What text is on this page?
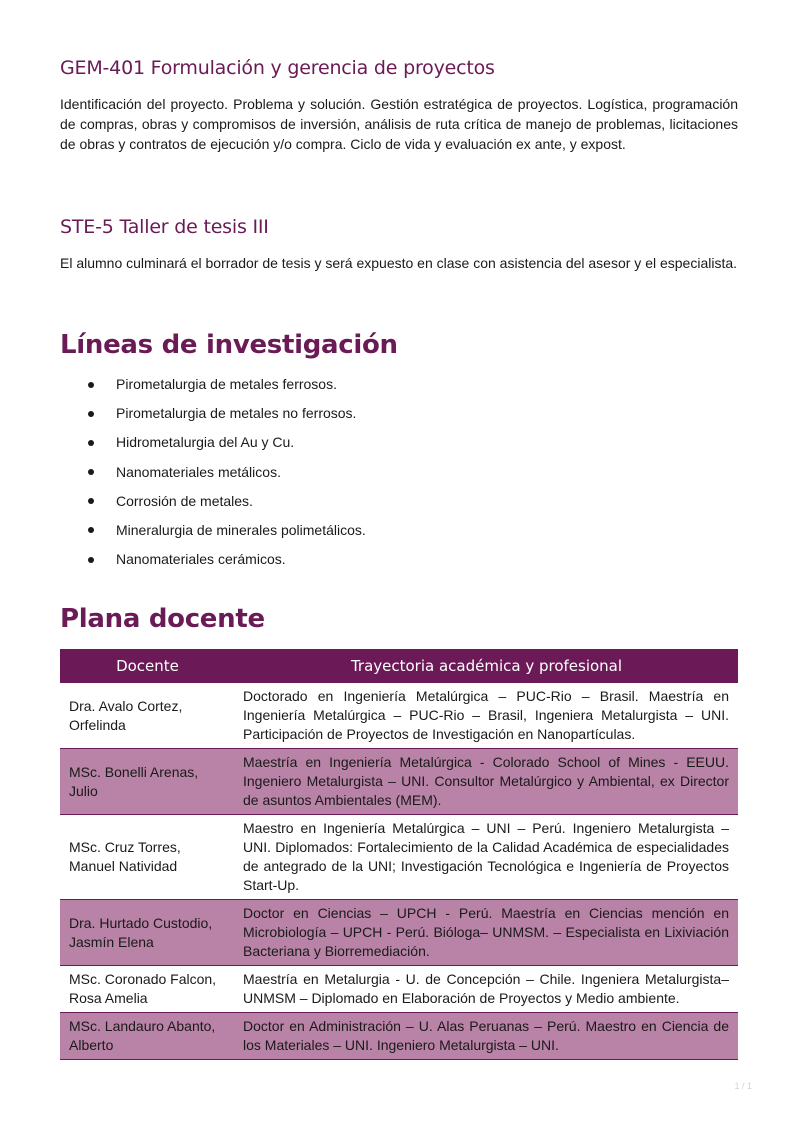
GEM-401 Formulación y gerencia de proyectos

Identificación del proyecto. Problema y solución. Gestión estratégica de proyectos. Logística, programación de compras, obras y compromisos de inversión, análisis de ruta crítica de manejo de problemas, licitaciones de obras y contratos de ejecución y/o compra. Ciclo de vida y evaluación ex ante, y expost.

STE-5 Taller de tesis III

El alumno culminará el borrador de tesis y será expuesto en clase con asistencia del asesor y el especialista.

Líneas de investigación
Pirometalurgia de metales ferrosos.
Pirometalurgia de metales no ferrosos.
Hidrometalurgia del Au y Cu.
Nanomateriales metálicos.
Corrosión de metales.
Mineralurgia de minerales polimetálicos.
Nanomateriales cerámicos.
Plana docente
Docente	Trayectoria académica y profesional
Dra. Avalo Cortez, Orfelinda	Doctorado en Ingeniería Metalúrgica – PUC-Rio – Brasil. Maestría en Ingeniería Metalúrgica – PUC-Rio – Brasil, Ingeniera Metalurgista – UNI. Participación de Proyectos de Investigación en Nanopartículas.
MSc. Bonelli Arenas, Julio	Maestría en Ingeniería Metalúrgica - Colorado School of Mines - EEUU. Ingeniero Metalurgista – UNI. Consultor Metalúrgico y Ambiental, ex Director de asuntos Ambientales (MEM).
MSc. Cruz Torres, Manuel Natividad	Maestro en Ingeniería Metalúrgica – UNI – Perú. Ingeniero Metalurgista – UNI. Diplomados: Fortalecimiento de la Calidad Académica de especialidades de antegrado de la UNI; Investigación Tecnológica e Ingeniería de Proyectos Start-Up.
Dra. Hurtado Custodio, Jasmín Elena	Doctor en Ciencias – UPCH - Perú. Maestría en Ciencias mención en Microbiología – UPCH - Perú. Bióloga– UNMSM. – Especialista en Lixiviación Bacteriana y Biorremediación.
MSc. Coronado Falcon, Rosa Amelia	Maestría en Metalurgia - U. de Concepción – Chile. Ingeniera Metalurgista– UNMSM – Diplomado en Elaboración de Proyectos y Medio ambiente.
MSc. Landauro Abanto, Alberto	Doctor en Administración – U. Alas Peruanas – Perú. Maestro en Ciencia de los Materiales – UNI. Ingeniero Metalurgista – UNI.
1 / 1
